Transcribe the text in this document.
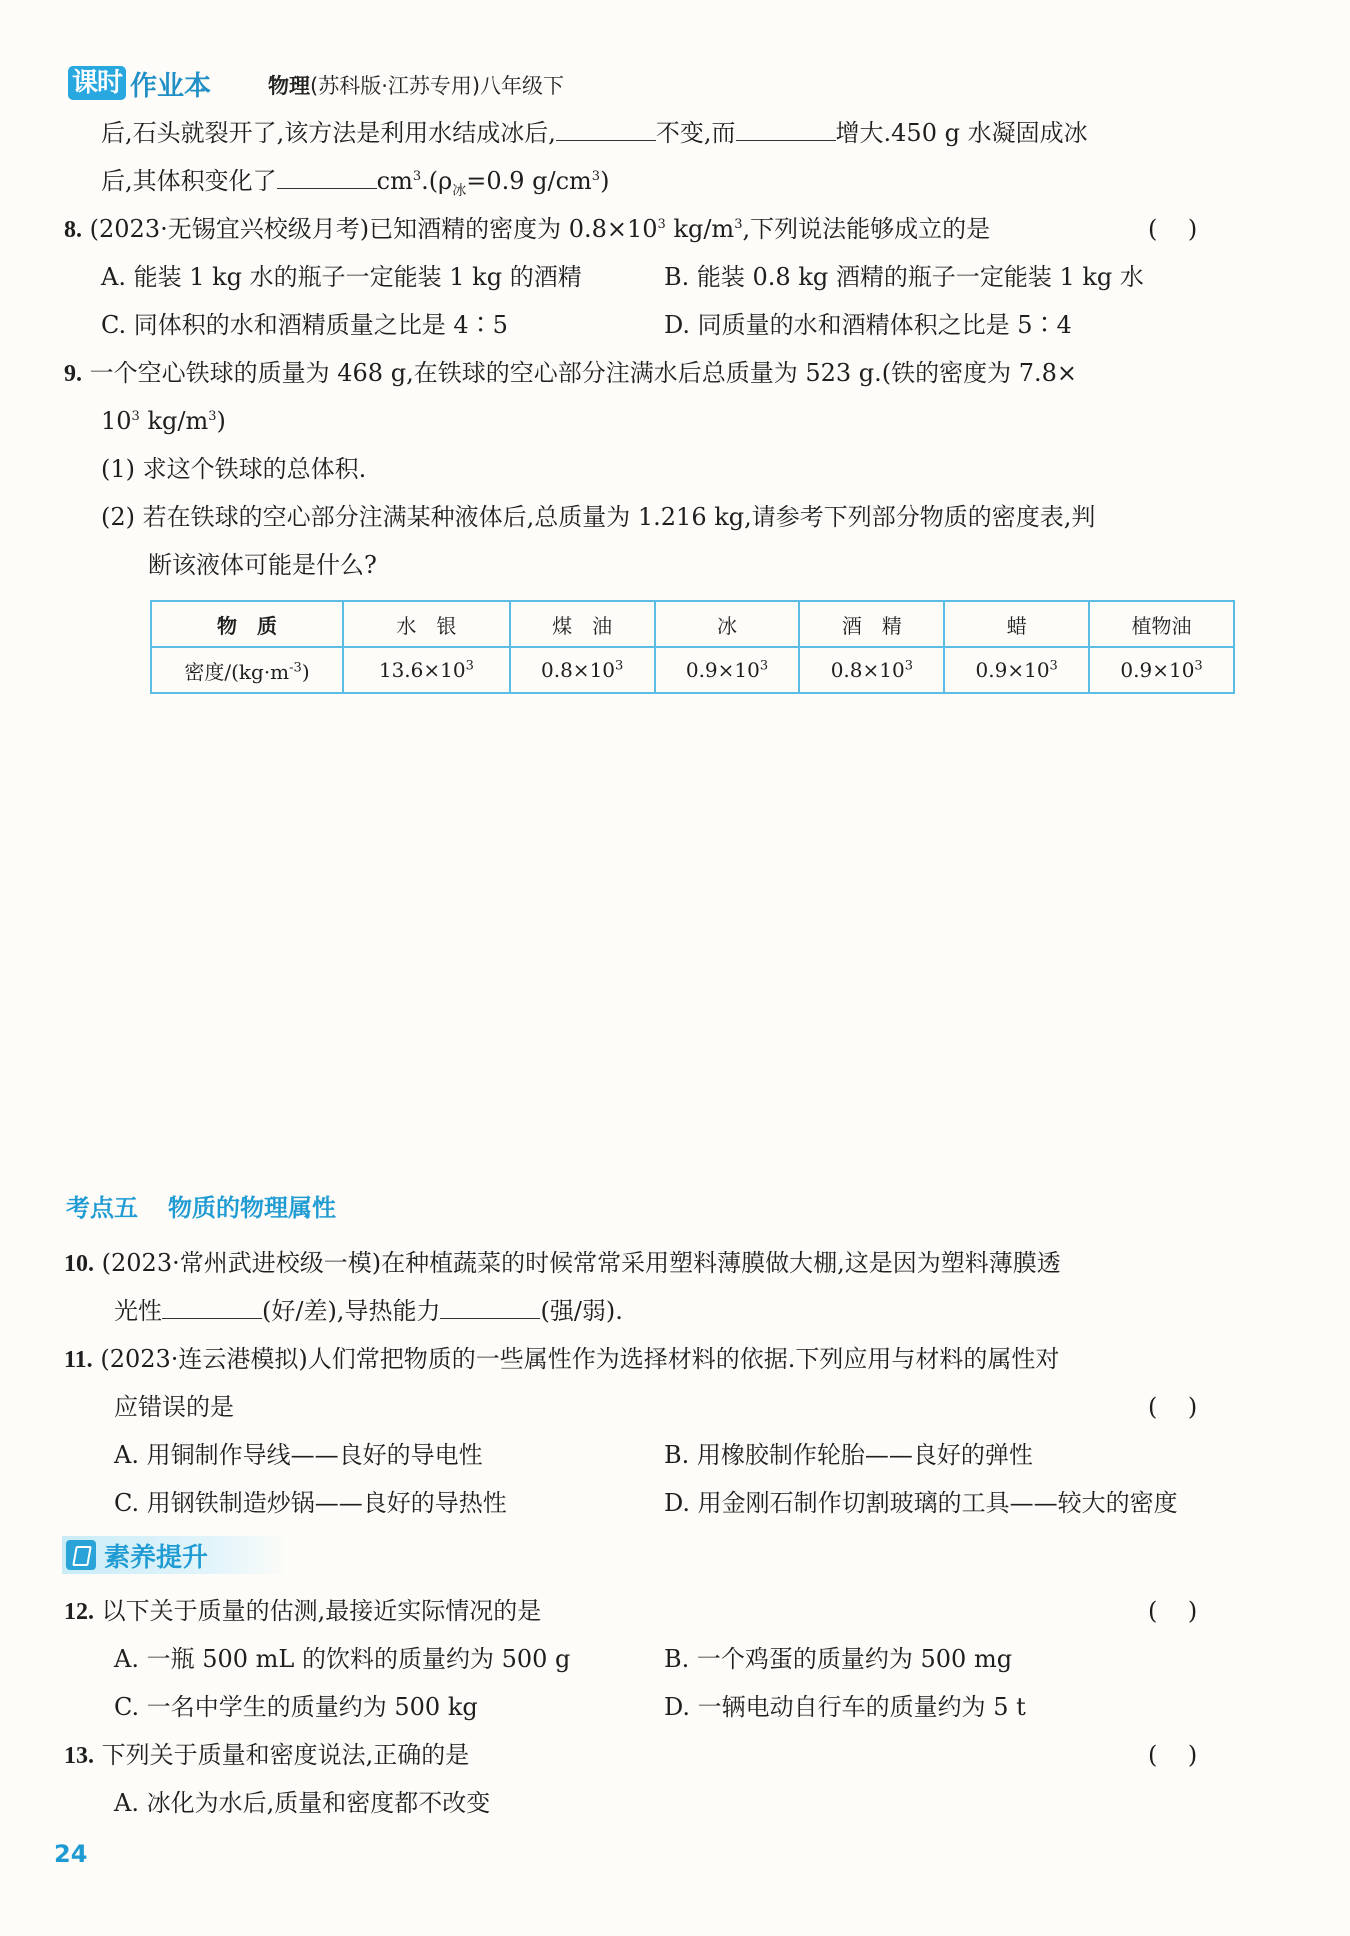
课时 作业本	物理(苏科版·江苏专用)八年级下
后,石头就裂开了,该方法是利用水结成冰后,	不变,而	增大.450 g 水凝固成冰
后,其体积变化了	$cm^3.(\rho_冰=0.9$ $g/cm^3$)
8. (2023·无锡宜兴校级月考)已知酒精的密度为 $0.8\times 10^3$ $kg/m^3$,下列说法能够成立的是	(    )
A. 能装 1 kg 水的瓶子一定能装 1 kg 的酒精	B. 能装 0.8 kg 酒精的瓶子一定能装 1 kg 水
C. 同体积的水和酒精质量之比是 4∶5	D. 同质量的水和酒精体积之比是 5∶4
9. 一个空心铁球的质量为 468 g,在铁球的空心部分注满水后总质量为 523 g.(铁的密度为 7.8×
$10^3$ $kg/m^3$)
(1) 求这个铁球的总体积.
(2) 若在铁球的空心部分注满某种液体后,总质量为 1.216 kg,请参考下列部分物质的密度表,判
断该液体可能是什么?
物　质	水　银	煤　油	冰	酒　精	蜡	植物油
密度$/(kg\cdot m^{-3})$	$13.6\times 10^3$	$0.8\times 10^3$	$0.9\times 10^3$	$0.8\times 10^3$	$0.9\times 10^3$	$0.9\times 10^3$
考点五 物质的物理属性
10. (2023·常州武进校级一模)在种植蔬菜的时候常常采用塑料薄膜做大棚,这是因为塑料薄膜透
光性	(好/差),导热能力	(强/弱).
11. (2023·连云港模拟)人们常把物质的一些属性作为选择材料的依据.下列应用与材料的属性对
应错误的是	(    )
A. 用铜制作导线——良好的导电性	B. 用橡胶制作轮胎——良好的弹性
C. 用钢铁制造炒锅——良好的导热性	D. 用金刚石制作切割玻璃的工具——较大的密度
素养提升
12. 以下关于质量的估测,最接近实际情况的是	(    )
A. 一瓶 500 mL 的饮料的质量约为 500 g	B. 一个鸡蛋的质量约为 500 mg
C. 一名中学生的质量约为 500 kg	D. 一辆电动自行车的质量约为 5 t
13. 下列关于质量和密度说法,正确的是	(    )
A. 冰化为水后,质量和密度都不改变
24
